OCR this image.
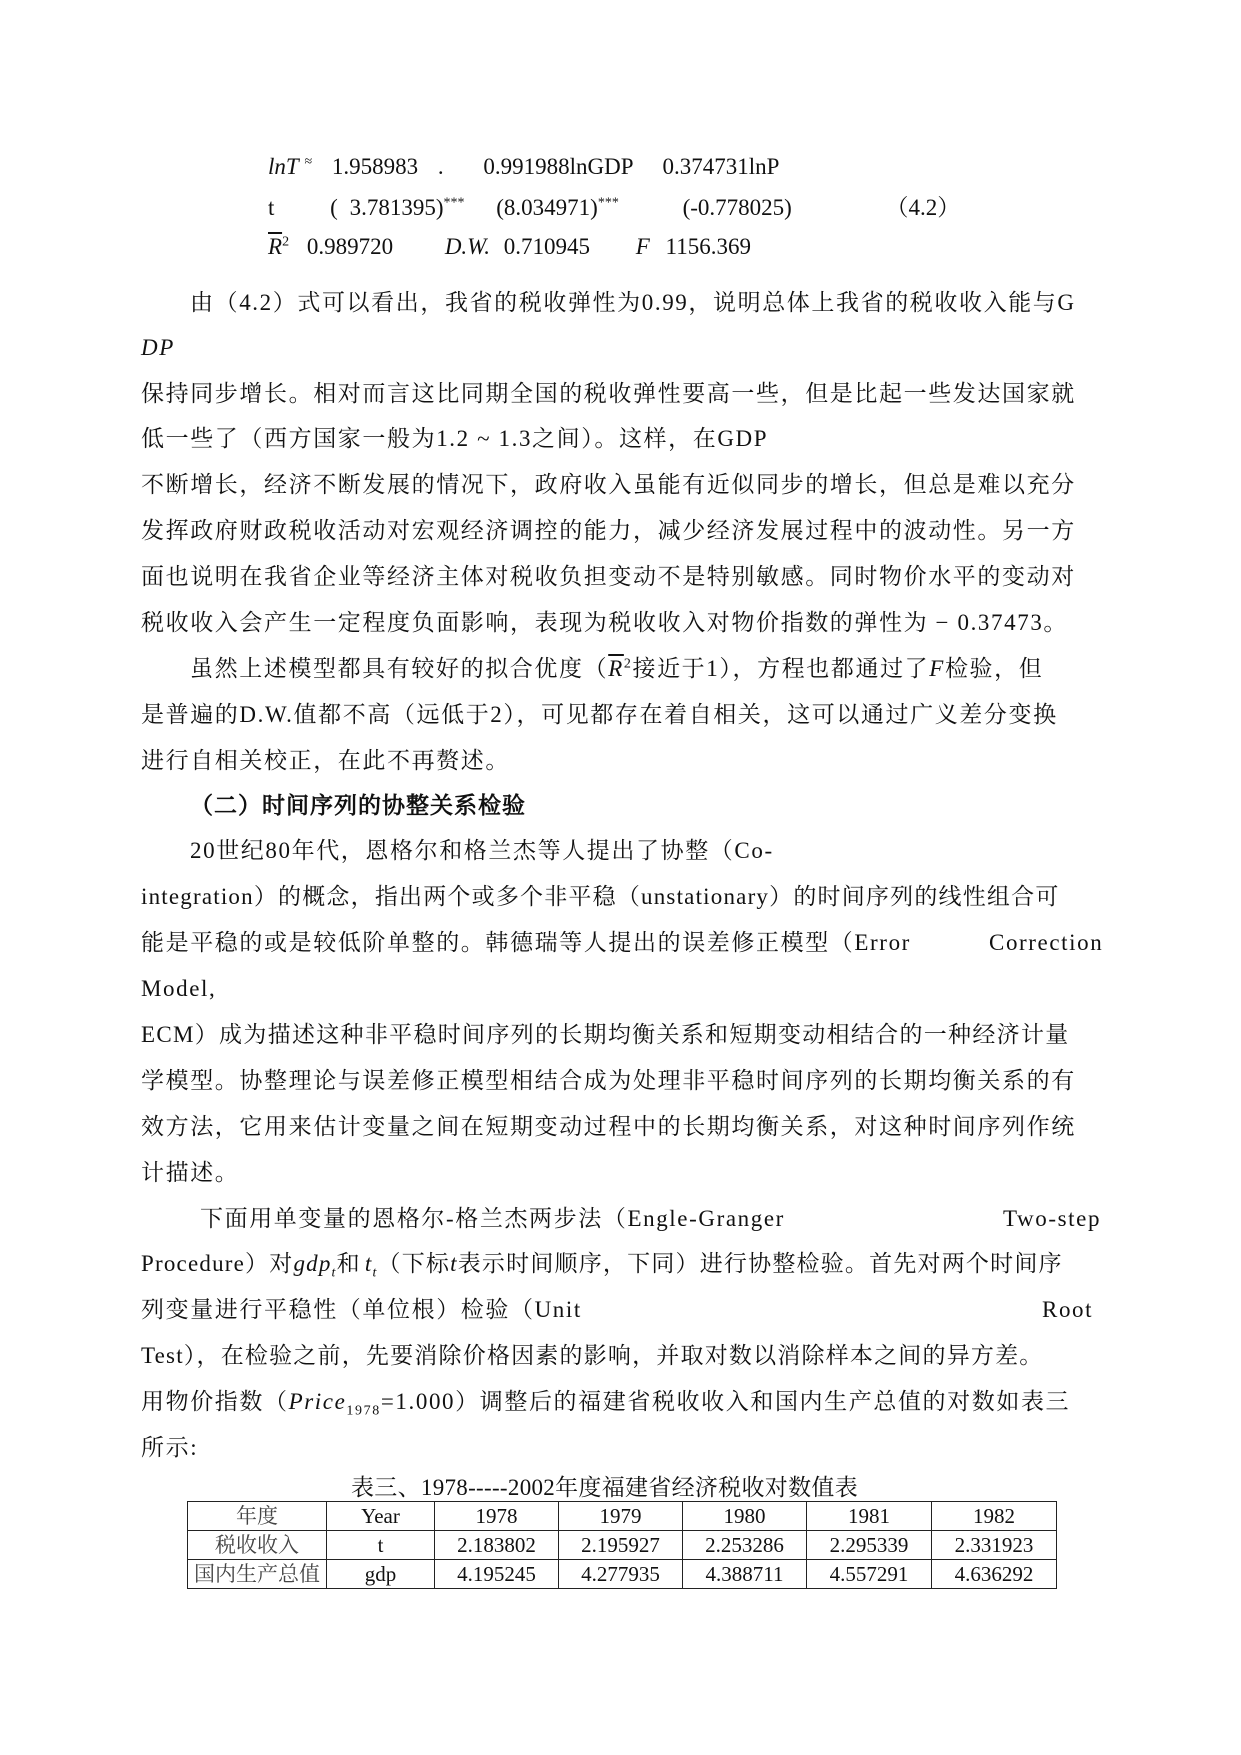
lnT ≈ 1.958983 . 0.991988lnGDP 0.374731lnP
t ( 3.781395)*** (8.034971)***	(-0.778025)	（4.2）
$\overline{R}^2$ 0.989720 D.W. 0.710945 F 1156.369
由（4.2）式可以看出，我省的税收弹性为0.99，说明总体上我省的税收收入能与G
DP
保持同步增长。相对而言这比同期全国的税收弹性要高一些，但是比起一些发达国家就
低一些了（西方国家一般为1.2 ~ 1.3之间）。这样，在GDP
不断增长，经济不断发展的情况下，政府收入虽能有近似同步的增长，但总是难以充分
发挥政府财政税收活动对宏观经济调控的能力，减少经济发展过程中的波动性。另一方
面也说明在我省企业等经济主体对税收负担变动不是特别敏感。同时物价水平的变动对
税收收入会产生一定程度负面影响，表现为税收收入对物价指数的弹性为 − 0.37473。
虽然上述模型都具有较好的拟合优度（$\overline{R}^2$接近于1），方程也都通过了F检验，但
是普遍的D.W.值都不高（远低于2），可见都存在着自相关，这可以通过广义差分变换
进行自相关校正，在此不再赘述。
（二）时间序列的协整关系检验
20世纪80年代，恩格尔和格兰杰等人提出了协整（Co-
integration）的概念，指出两个或多个非平稳（unstationary）的时间序列的线性组合可
能是平稳的或是较低阶单整的。韩德瑞等人提出的误差修正模型（Error	Correction
Model,
ECM）成为描述这种非平稳时间序列的长期均衡关系和短期变动相结合的一种经济计量
学模型。协整理论与误差修正模型相结合成为处理非平稳时间序列的长期均衡关系的有
效方法，它用来估计变量之间在短期变动过程中的长期均衡关系，对这种时间序列作统
计描述。
下面用单变量的恩格尔-格兰杰两步法（Engle-Granger	Two-step
Procedure）对gdp$_t$和 $t_t$（下标t表示时间顺序，下同）进行协整检验。首先对两个时间序
列变量进行平稳性（单位根）检验（Unit	Root
Test），在检验之前，先要消除价格因素的影响，并取对数以消除样本之间的异方差。
用物价指数（Price$_{1978}$=1.000）调整后的福建省税收收入和国内生产总值的对数如表三
所示:
表三、1978-----2002年度福建省经济税收对数值表
年度	Year	1978	1979	1980	1981	1982
税收收入	t	2.183802	2.195927	2.253286	2.295339	2.331923
国内生产总值	gdp	4.195245	4.277935	4.388711	4.557291	4.636292
